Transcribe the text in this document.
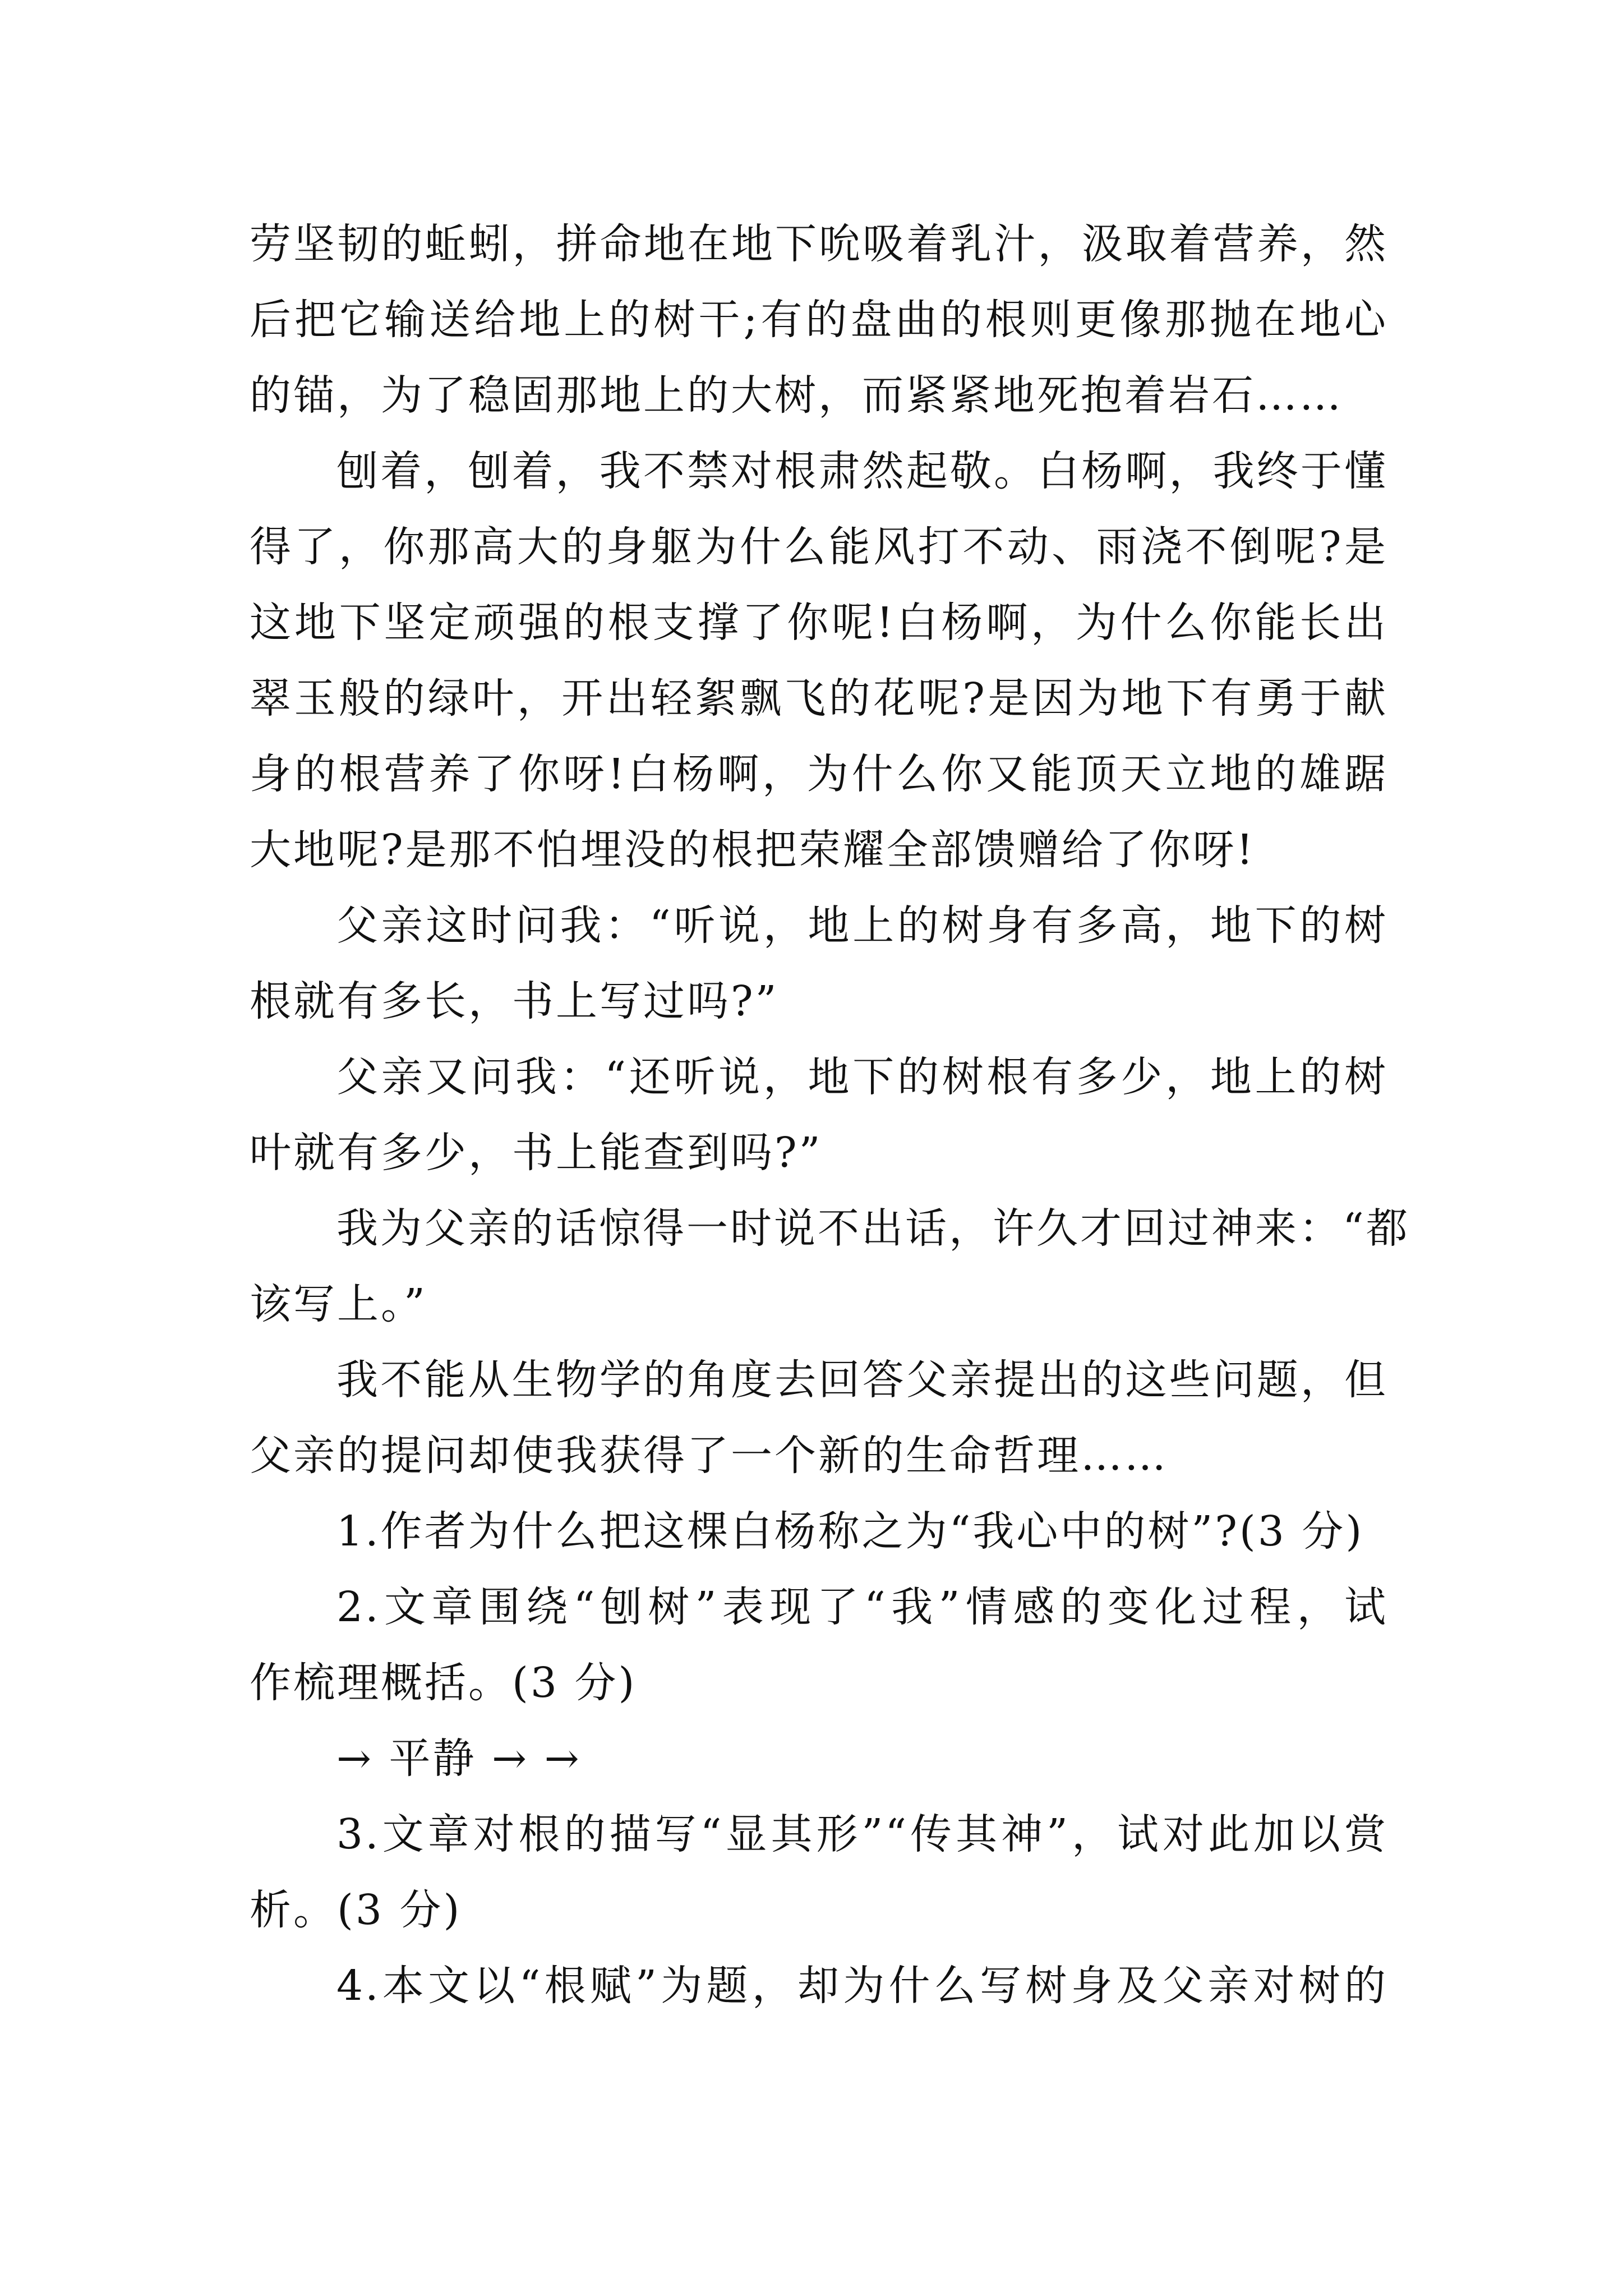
劳坚韧的蚯蚓，拼命地在地下吮吸着乳汁，汲取着营养，然
后把它输送给地上的树干;有的盘曲的根则更像那抛在地心
的锚，为了稳固那地上的大树，而紧紧地死抱着岩石……
刨着，刨着，我不禁对根肃然起敬。白杨啊，我终于懂
得了，你那高大的身躯为什么能风打不动、雨浇不倒呢?是
这地下坚定顽强的根支撑了你呢!白杨啊，为什么你能长出
翠玉般的绿叶，开出轻絮飘飞的花呢?是因为地下有勇于献
身的根营养了你呀!白杨啊，为什么你又能顶天立地的雄踞
大地呢?是那不怕埋没的根把荣耀全部馈赠给了你呀!
父亲这时问我：“听说，地上的树身有多高，地下的树
根就有多长，书上写过吗?”
父亲又问我：“还听说，地下的树根有多少，地上的树
叶就有多少，书上能查到吗?”
我为父亲的话惊得一时说不出话，许久才回过神来：“都
该写上。”
我不能从生物学的角度去回答父亲提出的这些问题，但
父亲的提问却使我获得了一个新的生命哲理……
1.作者为什么把这棵白杨称之为“我心中的树”?(3 分)
2.文章围绕“刨树”表现了“我”情感的变化过程，试
作梳理概括。(3 分)
→ 平静 → →
3.文章对根的描写“显其形”“传其神”，试对此加以赏
析。(3 分)
4.本文以“根赋”为题，却为什么写树身及父亲对树的
